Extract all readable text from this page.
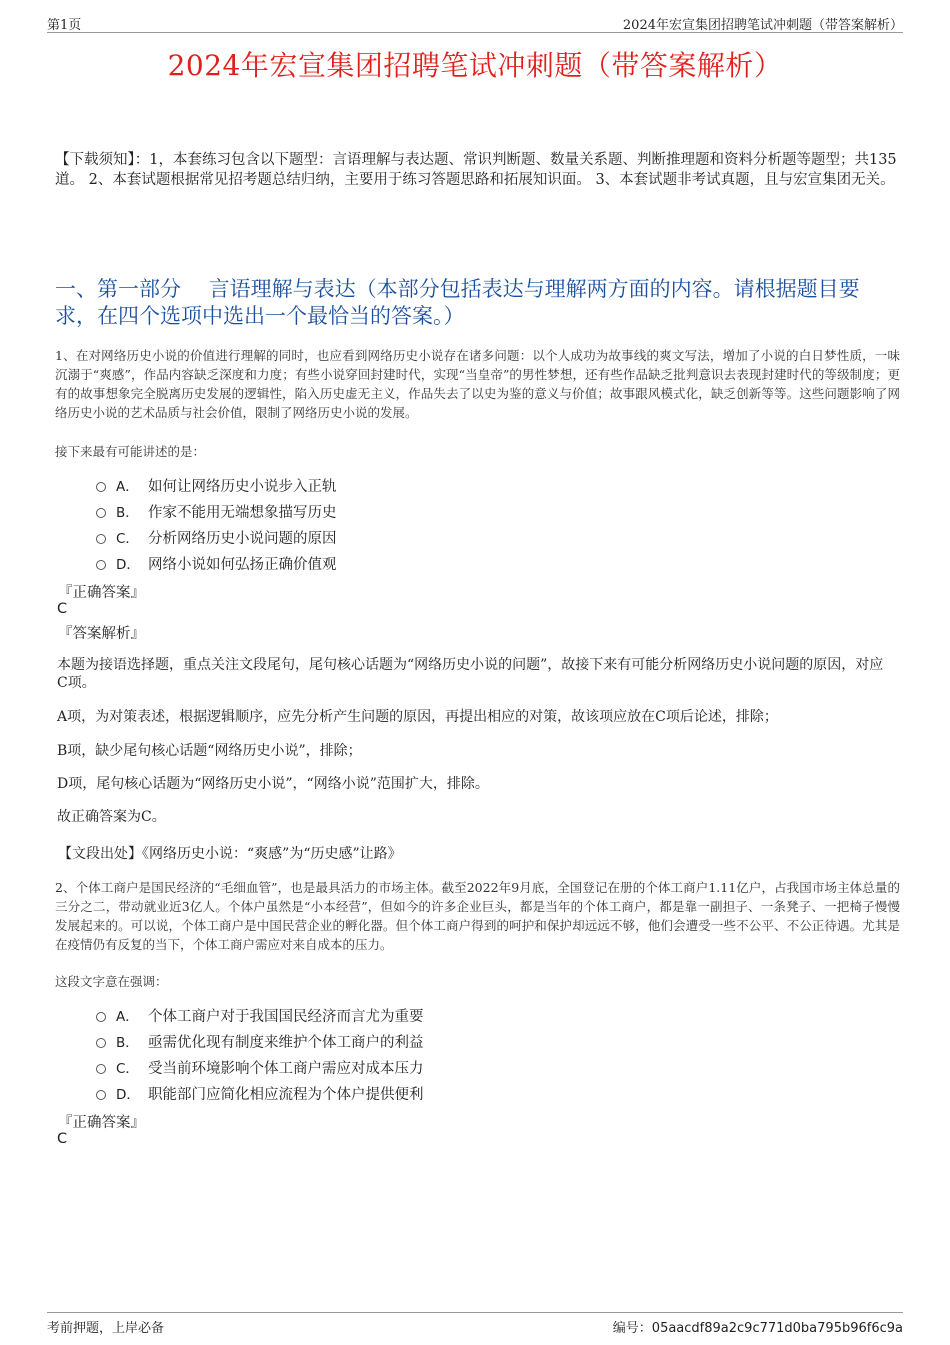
第1页	2024年宏宣集团招聘笔试冲刺题（带答案解析）
2024年宏宣集团招聘笔试冲刺题（带答案解析）
【下载须知】：1，本套练习包含以下题型：言语理解与表达题、常识判断题、数量关系题、判断推理题和资料分析题等题型；共135道。 2、本套试题根据常见招考题总结归纳，主要用于练习答题思路和拓展知识面。 3、本套试题非考试真题，且与宏宣集团无关。
一、第一部分　 言语理解与表达（本部分包括表达与理解两方面的内容。请根据题目要求，在四个选项中选出一个最恰当的答案。）
1、在对网络历史小说的价值进行理解的同时，也应看到网络历史小说存在诸多问题：以个人成功为故事线的爽文写法，增加了小说的白日梦性质，一味沉溺于“爽感”，作品内容缺乏深度和力度；有些小说穿回封建时代，实现“当皇帝”的男性梦想，还有些作品缺乏批判意识去表现封建时代的等级制度；更有的故事想象完全脱离历史发展的逻辑性，陷入历史虚无主义，作品失去了以史为鉴的意义与价值；故事跟风模式化，缺乏创新等等。这些问题影响了网络历史小说的艺术品质与社会价值，限制了网络历史小说的发展。
接下来最有可能讲述的是：
A． 如何让网络历史小说步入正轨
B． 作家不能用无端想象描写历史
C． 分析网络历史小说问题的原因
D． 网络小说如何弘扬正确价值观
『正确答案』
C
『答案解析』
本题为接语选择题，重点关注文段尾句，尾句核心话题为“网络历史小说的问题”，故接下来有可能分析网络历史小说问题的原因，对应C项。
A项，为对策表述，根据逻辑顺序，应先分析产生问题的原因，再提出相应的对策，故该项应放在C项后论述，排除；
B项，缺少尾句核心话题“网络历史小说”，排除；
D项，尾句核心话题为“网络历史小说”，“网络小说”范围扩大，排除。
故正确答案为C。
【文段出处】《网络历史小说：“爽感”为“历史感”让路》
2、个体工商户是国民经济的“毛细血管”，也是最具活力的市场主体。截至2022年9月底，全国登记在册的个体工商户1.11亿户，占我国市场主体总量的三分之二，带动就业近3亿人。个体户虽然是“小本经营”，但如今的许多企业巨头，都是当年的个体工商户，都是靠一副担子、一条凳子、一把椅子慢慢发展起来的。可以说，个体工商户是中国民营企业的孵化器。但个体工商户得到的呵护和保护却远远不够，他们会遭受一些不公平、不公正待遇。尤其是在疫情仍有反复的当下，个体工商户需应对来自成本的压力。
这段文字意在强调：
A． 个体工商户对于我国国民经济而言尤为重要
B． 亟需优化现有制度来维护个体工商户的利益
C． 受当前环境影响个体工商户需应对成本压力
D． 职能部门应简化相应流程为个体户提供便利
『正确答案』
C
考前押题，上岸必备	编号：05aacdf89a2c9c771d0ba795b96f6c9a
